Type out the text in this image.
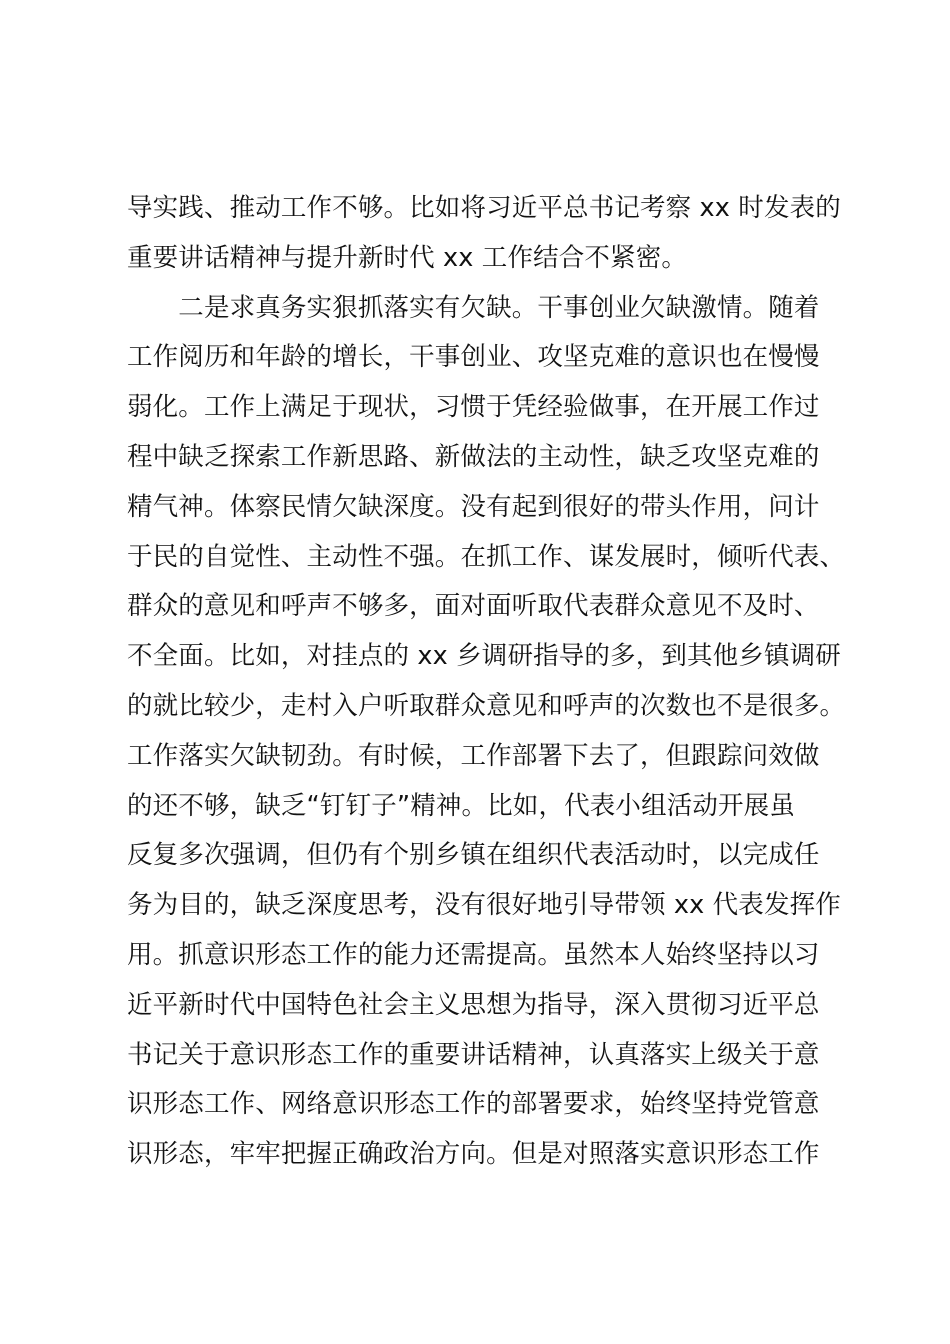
导实践、推动工作不够。比如将习近平总书记考察 xx 时发表的
重要讲话精神与提升新时代 xx 工作结合不紧密。
　　二是求真务实狠抓落实有欠缺。干事创业欠缺激情。随着
工作阅历和年龄的增长，干事创业、攻坚克难的意识也在慢慢
弱化。工作上满足于现状，习惯于凭经验做事，在开展工作过
程中缺乏探索工作新思路、新做法的主动性，缺乏攻坚克难的
精气神。体察民情欠缺深度。没有起到很好的带头作用，问计
于民的自觉性、主动性不强。在抓工作、谋发展时，倾听代表、
群众的意见和呼声不够多，面对面听取代表群众意见不及时、
不全面。比如，对挂点的 xx 乡调研指导的多，到其他乡镇调研
的就比较少，走村入户听取群众意见和呼声的次数也不是很多。
工作落实欠缺韧劲。有时候，工作部署下去了，但跟踪问效做
的还不够，缺乏“钉钉子”精神。比如，代表小组活动开展虽
反复多次强调，但仍有个别乡镇在组织代表活动时，以完成任
务为目的，缺乏深度思考，没有很好地引导带领 xx 代表发挥作
用。抓意识形态工作的能力还需提高。虽然本人始终坚持以习
近平新时代中国特色社会主义思想为指导，深入贯彻习近平总
书记关于意识形态工作的重要讲话精神，认真落实上级关于意
识形态工作、网络意识形态工作的部署要求，始终坚持党管意
识形态，牢牢把握正确政治方向。但是对照落实意识形态工作
